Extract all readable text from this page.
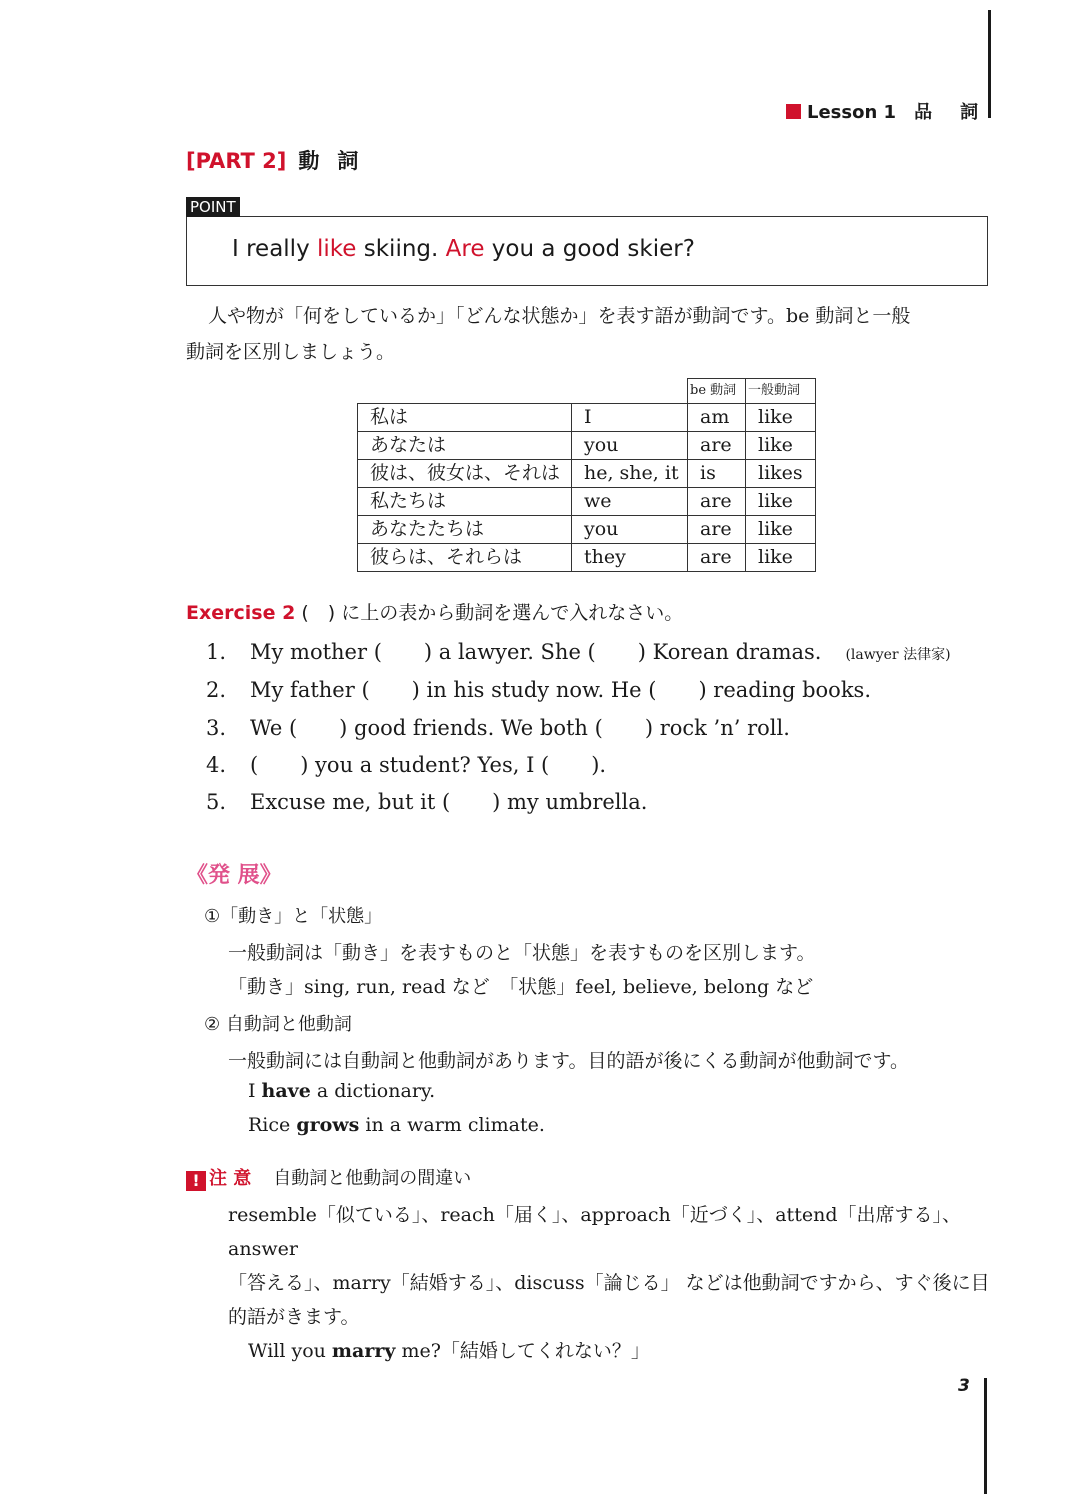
Lesson 1 品詞
[PART 2] 動詞
POINT
I really like skiing. Are you a good skier?

人や物が「何をしているか」「どんな状態か」を表す語が動詞です。be 動詞と一般

動詞を区別しましょう。
		be 動詞	一般動詞
私は	I	am	like
あなたは	you	are	like
彼は、彼女は、それは	he, she, it	is	likes
私たちは	we	are	like
あなたたちは	you	are	like
彼らは、それらは	they	are	like
Exercise 2 (　) に上の表から動詞を選んで入れなさい。
1. My mother (　　) a lawyer. She (　　) Korean dramas. (lawyer 法律家)
2. My father (　　) in his study now. He (　　) reading books.
3. We (　　) good friends. We both (　　) rock ’n’ roll.
4. (　　) you a student? Yes, I (　　).
5. Excuse me, but it (　　) my umbrella.
《発 展》
①「動き」と「状態」
一般動詞は「動き」を表すものと「状態」を表すものを区別します。
「動き」sing, run, read など　「状態」feel, believe, belong など
② 自動詞と他動詞
一般動詞には自動詞と他動詞があります。目的語が後にくる動詞が他動詞です。
I have a dictionary.
Rice grows in a warm climate.
! 注 意 自動詞と他動詞の間違い

resemble「似ている」、reach「届く」、approach「近づく」、attend「出席する」、answer

「答える」、marry「結婚する」、discuss「論じる」 などは他動詞ですから、すぐ後に目

的語がきます。

Will you marry me?「結婚してくれない？」

3
